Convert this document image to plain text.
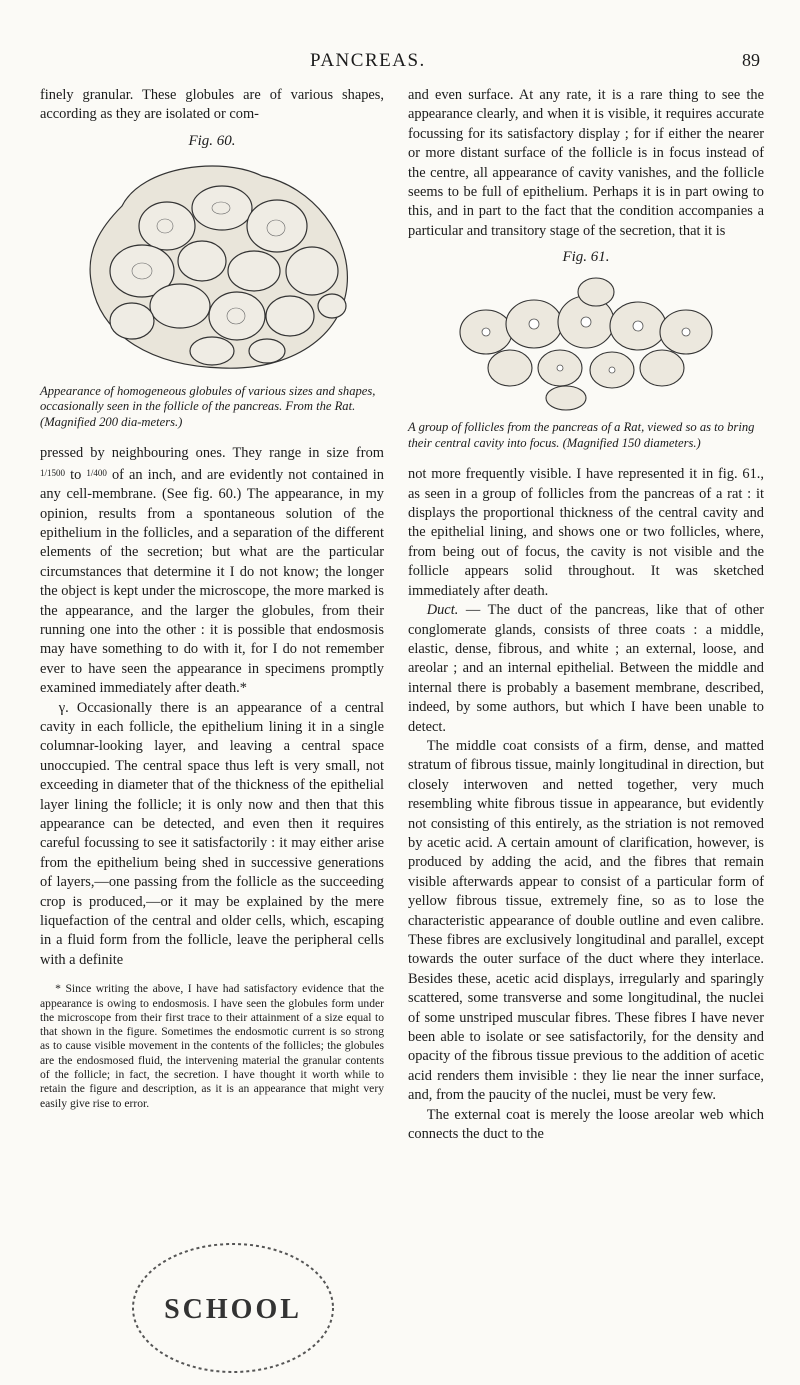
PANCREAS.	89

finely granular. These globules are of various shapes, according as they are isolated or com-

Fig. 60.
Appearance of homogeneous globules of various sizes and shapes, occasionally seen in the follicle of the pancreas. From the Rat. (Magnified 200 dia-meters.)

pressed by neighbouring ones. They range in size from 1/1500 to 1/400 of an inch, and are evidently not contained in any cell-membrane. (See fig. 60.) The appearance, in my opinion, results from a spontaneous solution of the epithelium in the follicles, and a separation of the different elements of the secretion; but what are the particular circumstances that determine it I do not know; the longer the object is kept under the microscope, the more marked is the appearance, and the larger the globules, from their running one into the other : it is possible that endosmosis may have something to do with it, for I do not remember ever to have seen the appearance in specimens promptly examined immediately after death.*

γ. Occasionally there is an appearance of a central cavity in each follicle, the epithelium lining it in a single columnar-looking layer, and leaving a central space unoccupied. The central space thus left is very small, not exceeding in diameter that of the thickness of the epithelial layer lining the follicle; it is only now and then that this appearance can be detected, and even then it requires careful focussing to see it satisfactorily : it may either arise from the epithelium being shed in successive generations of layers,—one passing from the follicle as the succeeding crop is produced,—or it may be explained by the mere liquefaction of the central and older cells, which, escaping in a fluid form from the follicle, leave the peripheral cells with a definite

* Since writing the above, I have had satisfactory evidence that the appearance is owing to endosmosis. I have seen the globules form under the microscope from their first trace to their attainment of a size equal to that shown in the figure. Sometimes the endosmotic current is so strong as to cause visible movement in the contents of the follicles; the globules are the endosmosed fluid, the intervening material the granular contents of the follicle; in fact, the secretion. I have thought it worth while to retain the figure and description, as it is an appearance that might very easily give rise to error.

and even surface. At any rate, it is a rare thing to see the appearance clearly, and when it is visible, it requires accurate focussing for its satisfactory display ; for if either the nearer or more distant surface of the follicle is in focus instead of the centre, all appearance of cavity vanishes, and the follicle seems to be full of epithelium. Perhaps it is in part owing to this, and in part to the fact that the condition accompanies a particular and transitory stage of the secretion, that it is

Fig. 61.
A group of follicles from the pancreas of a Rat, viewed so as to bring their central cavity into focus. (Magnified 150 diameters.)

not more frequently visible. I have represented it in fig. 61., as seen in a group of follicles from the pancreas of a rat : it displays the proportional thickness of the central cavity and the epithelial lining, and shows one or two follicles, where, from being out of focus, the cavity is not visible and the follicle appears solid throughout. It was sketched immediately after death.

Duct. — The duct of the pancreas, like that of other conglomerate glands, consists of three coats : a middle, elastic, dense, fibrous, and white ; an external, loose, and areolar ; and an internal epithelial. Between the middle and internal there is probably a basement membrane, described, indeed, by some authors, but which I have been unable to detect.

The middle coat consists of a firm, dense, and matted stratum of fibrous tissue, mainly longitudinal in direction, but closely interwoven and netted together, very much resembling white fibrous tissue in appearance, but evidently not consisting of this entirely, as the striation is not removed by acetic acid. A certain amount of clarification, however, is produced by adding the acid, and the fibres that remain visible afterwards appear to consist of a particular form of yellow fibrous tissue, extremely fine, so as to lose the characteristic appearance of double outline and even calibre. These fibres are exclusively longitudinal and parallel, except towards the outer surface of the duct where they interlace. Besides these, acetic acid displays, irregularly and sparingly scattered, some transverse and some longitudinal, the nuclei of some unstriped muscular fibres. These fibres I have never been able to isolate or see satisfactorily, for the density and opacity of the fibrous tissue previous to the addition of acetic acid renders them invisible : they lie near the inner surface, and, from the paucity of the nuclei, must be very few.

The external coat is merely the loose areolar web which connects the duct to the

SCHOOL
